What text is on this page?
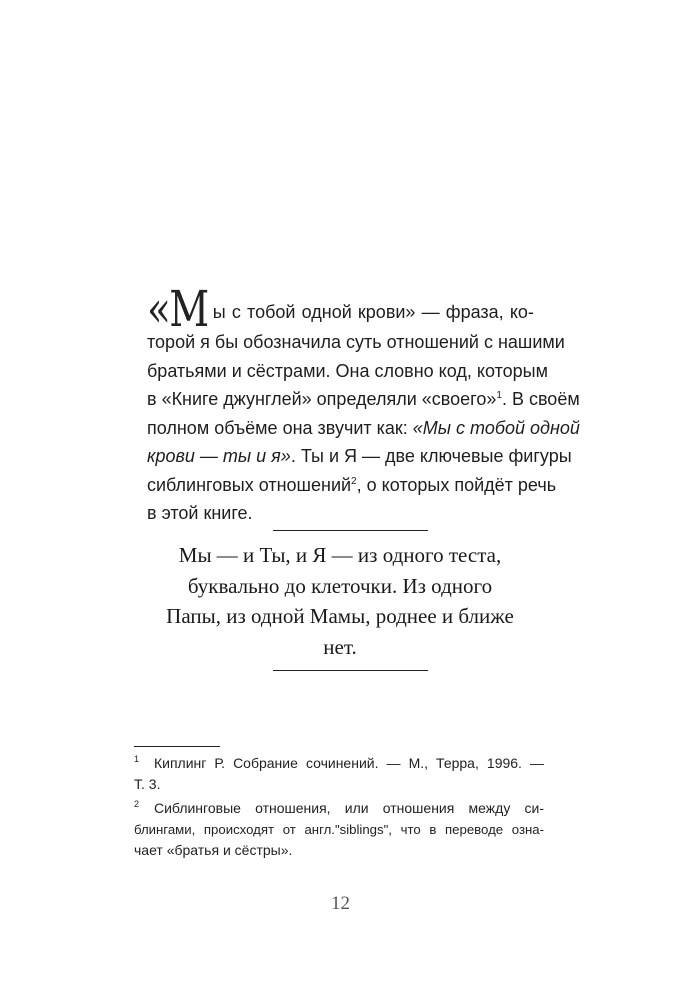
«М ы с тобой одной крови» — фраза, ко-
торой я бы обозначила суть отношений с нашими
братьями и сёстрами. Она словно код, которым
в «Книге джунглей» определяли «своего»$^1$. В своём
полном объёме она звучит как: «Мы с тобой одной
крови — ты и я». Ты и Я — две ключевые фигуры
сиблинговых отношений$^2$, о которых пойдёт речь
в этой книге.
Мы — и Ты, и Я — из одного теста,
буквально до клеточки. Из одного
Папы, из одной Мамы, роднее и ближе
нет.
1 Киплинг Р. Собрание сочинений. — М., Терра, 1996. —
Т. 3.
2 Сиблинговые отношения, или отношения между си-
блингами, происходят от англ."siblings", что в переводе озна-
чает «братья и сёстры».
12
